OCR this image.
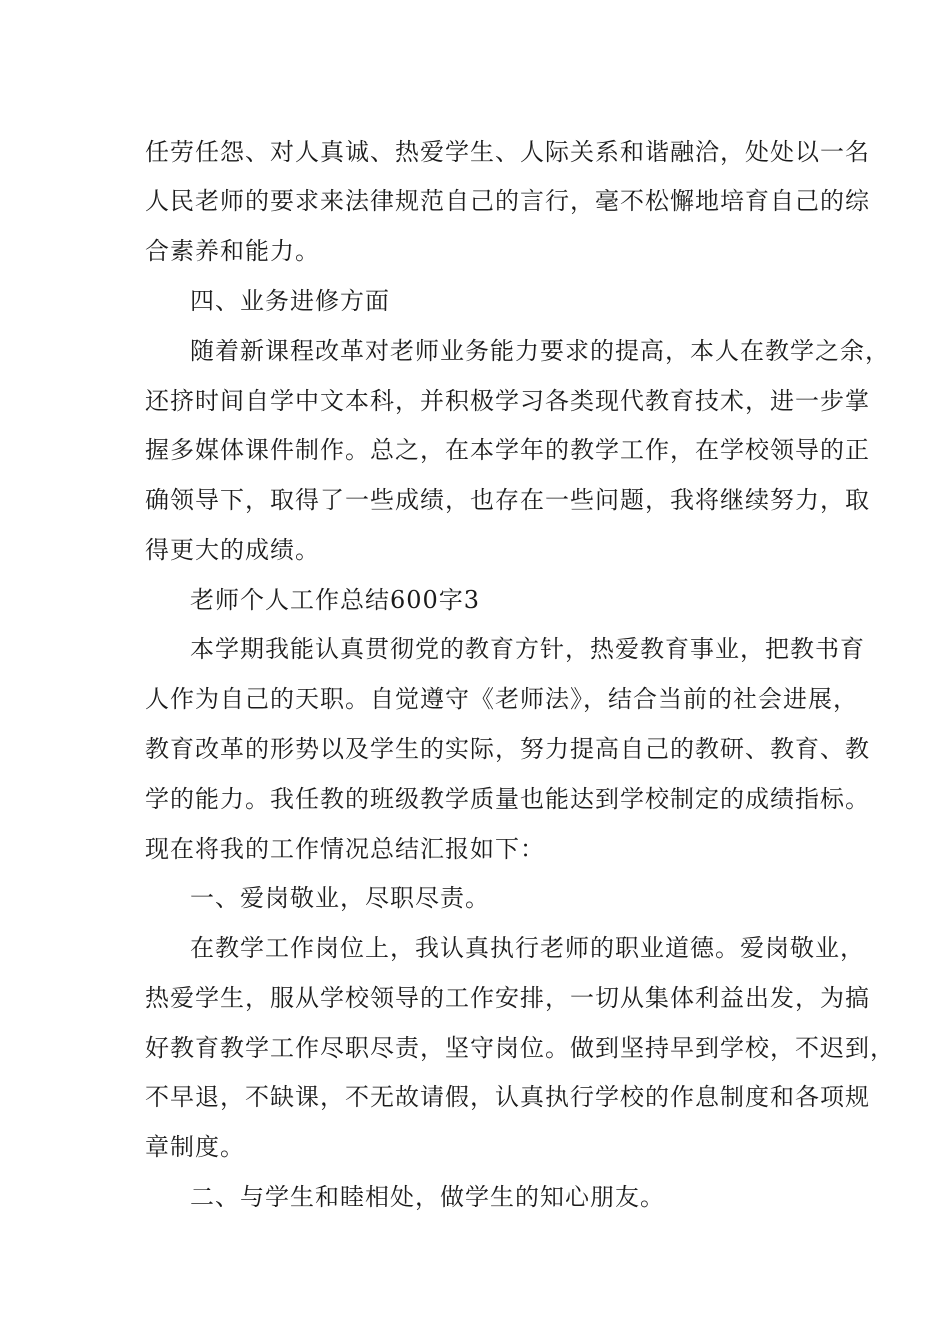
任劳任怨、对人真诚、热爱学生、人际关系和谐融洽，处处以一名
人民老师的要求来法律规范自己的言行，毫不松懈地培育自己的综
合素养和能力。
四、业务进修方面
随着新课程改革对老师业务能力要求的提高，本人在教学之余，
还挤时间自学中文本科，并积极学习各类现代教育技术，进一步掌
握多媒体课件制作。总之，在本学年的教学工作，在学校领导的正
确领导下，取得了一些成绩，也存在一些问题，我将继续努力，取
得更大的成绩。
老师个人工作总结600字3
本学期我能认真贯彻党的教育方针，热爱教育事业，把教书育
人作为自己的天职。自觉遵守《老师法》，结合当前的社会进展，
教育改革的形势以及学生的实际，努力提高自己的教研、教育、教
学的能力。我任教的班级教学质量也能达到学校制定的成绩指标。
现在将我的工作情况总结汇报如下：
一、爱岗敬业，尽职尽责。
在教学工作岗位上，我认真执行老师的职业道德。爱岗敬业，
热爱学生，服从学校领导的工作安排，一切从集体利益出发，为搞
好教育教学工作尽职尽责，坚守岗位。做到坚持早到学校，不迟到，
不早退，不缺课，不无故请假，认真执行学校的作息制度和各项规
章制度。
二、与学生和睦相处，做学生的知心朋友。
